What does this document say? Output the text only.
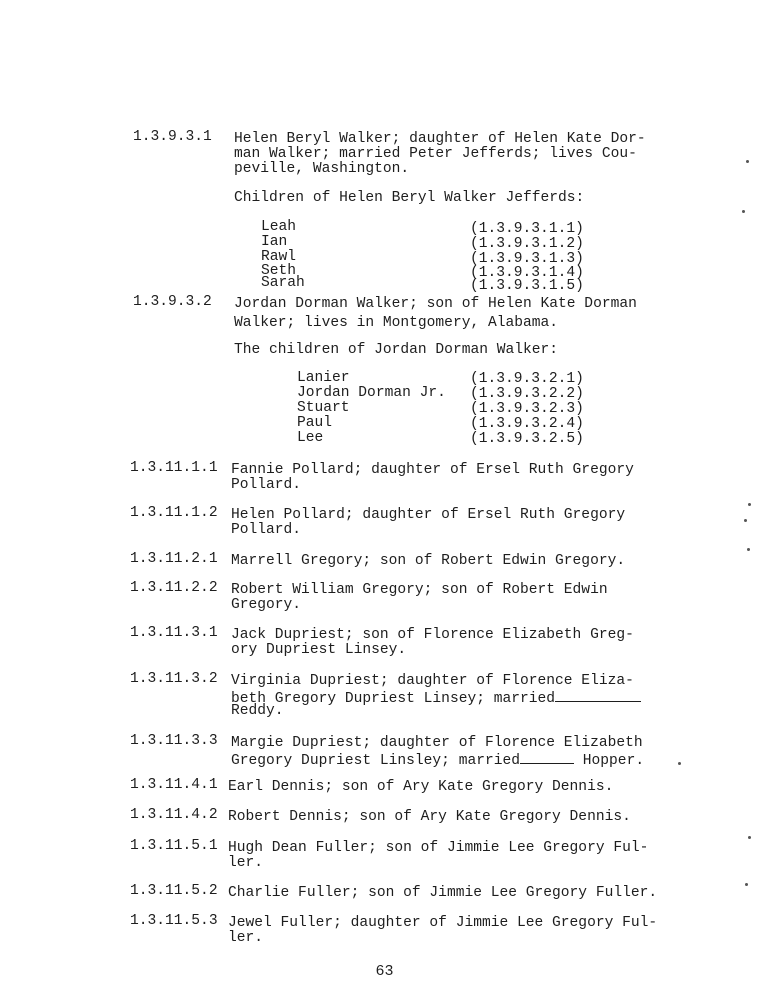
1.3.9.3.1 Helen Beryl Walker; daughter of Helen Kate Dor-
man Walker; married Peter Jefferds; lives Cou-
peville, Washington.
Children of Helen Beryl Walker Jefferds:
Leah	(1.3.9.3.1.1)
Ian	(1.3.9.3.1.2)
Rawl	(1.3.9.3.1.3)
Seth	(1.3.9.3.1.4)
Sarah	(1.3.9.3.1.5)
1.3.9.3.2 Jordan Dorman Walker; son of Helen Kate Dorman
Walker; lives in Montgomery, Alabama.
The children of Jordan Dorman Walker:
Lanier	(1.3.9.3.2.1)
Jordan Dorman Jr. (1.3.9.3.2.2)
Stuart	(1.3.9.3.2.3)
Paul	(1.3.9.3.2.4)
Lee	(1.3.9.3.2.5)
1.3.11.1.1 Fannie Pollard; daughter of Ersel Ruth Gregory
Pollard.
1.3.11.1.2 Helen Pollard; daughter of Ersel Ruth Gregory
Pollard.
1.3.11.2.1 Marrell Gregory; son of Robert Edwin Gregory.
1.3.11.2.2 Robert William Gregory; son of Robert Edwin
Gregory.
1.3.11.3.1 Jack Dupriest; son of Florence Elizabeth Greg-
ory Dupriest Linsey.
1.3.11.3.2 Virginia Dupriest; daughter of Florence Eliza-
beth Gregory Dupriest Linsey; married
Reddy.
1.3.11.3.3 Margie Dupriest; daughter of Florence Elizabeth
Gregory Dupriest Linsley; married	Hopper.
1.3.11.4.1 Earl Dennis; son of Ary Kate Gregory Dennis.
1.3.11.4.2 Robert Dennis; son of Ary Kate Gregory Dennis.
1.3.11.5.1 Hugh Dean Fuller; son of Jimmie Lee Gregory Ful-
ler.
1.3.11.5.2 Charlie Fuller; son of Jimmie Lee Gregory Fuller.
1.3.11.5.3 Jewel Fuller; daughter of Jimmie Lee Gregory Ful-
ler.
63
